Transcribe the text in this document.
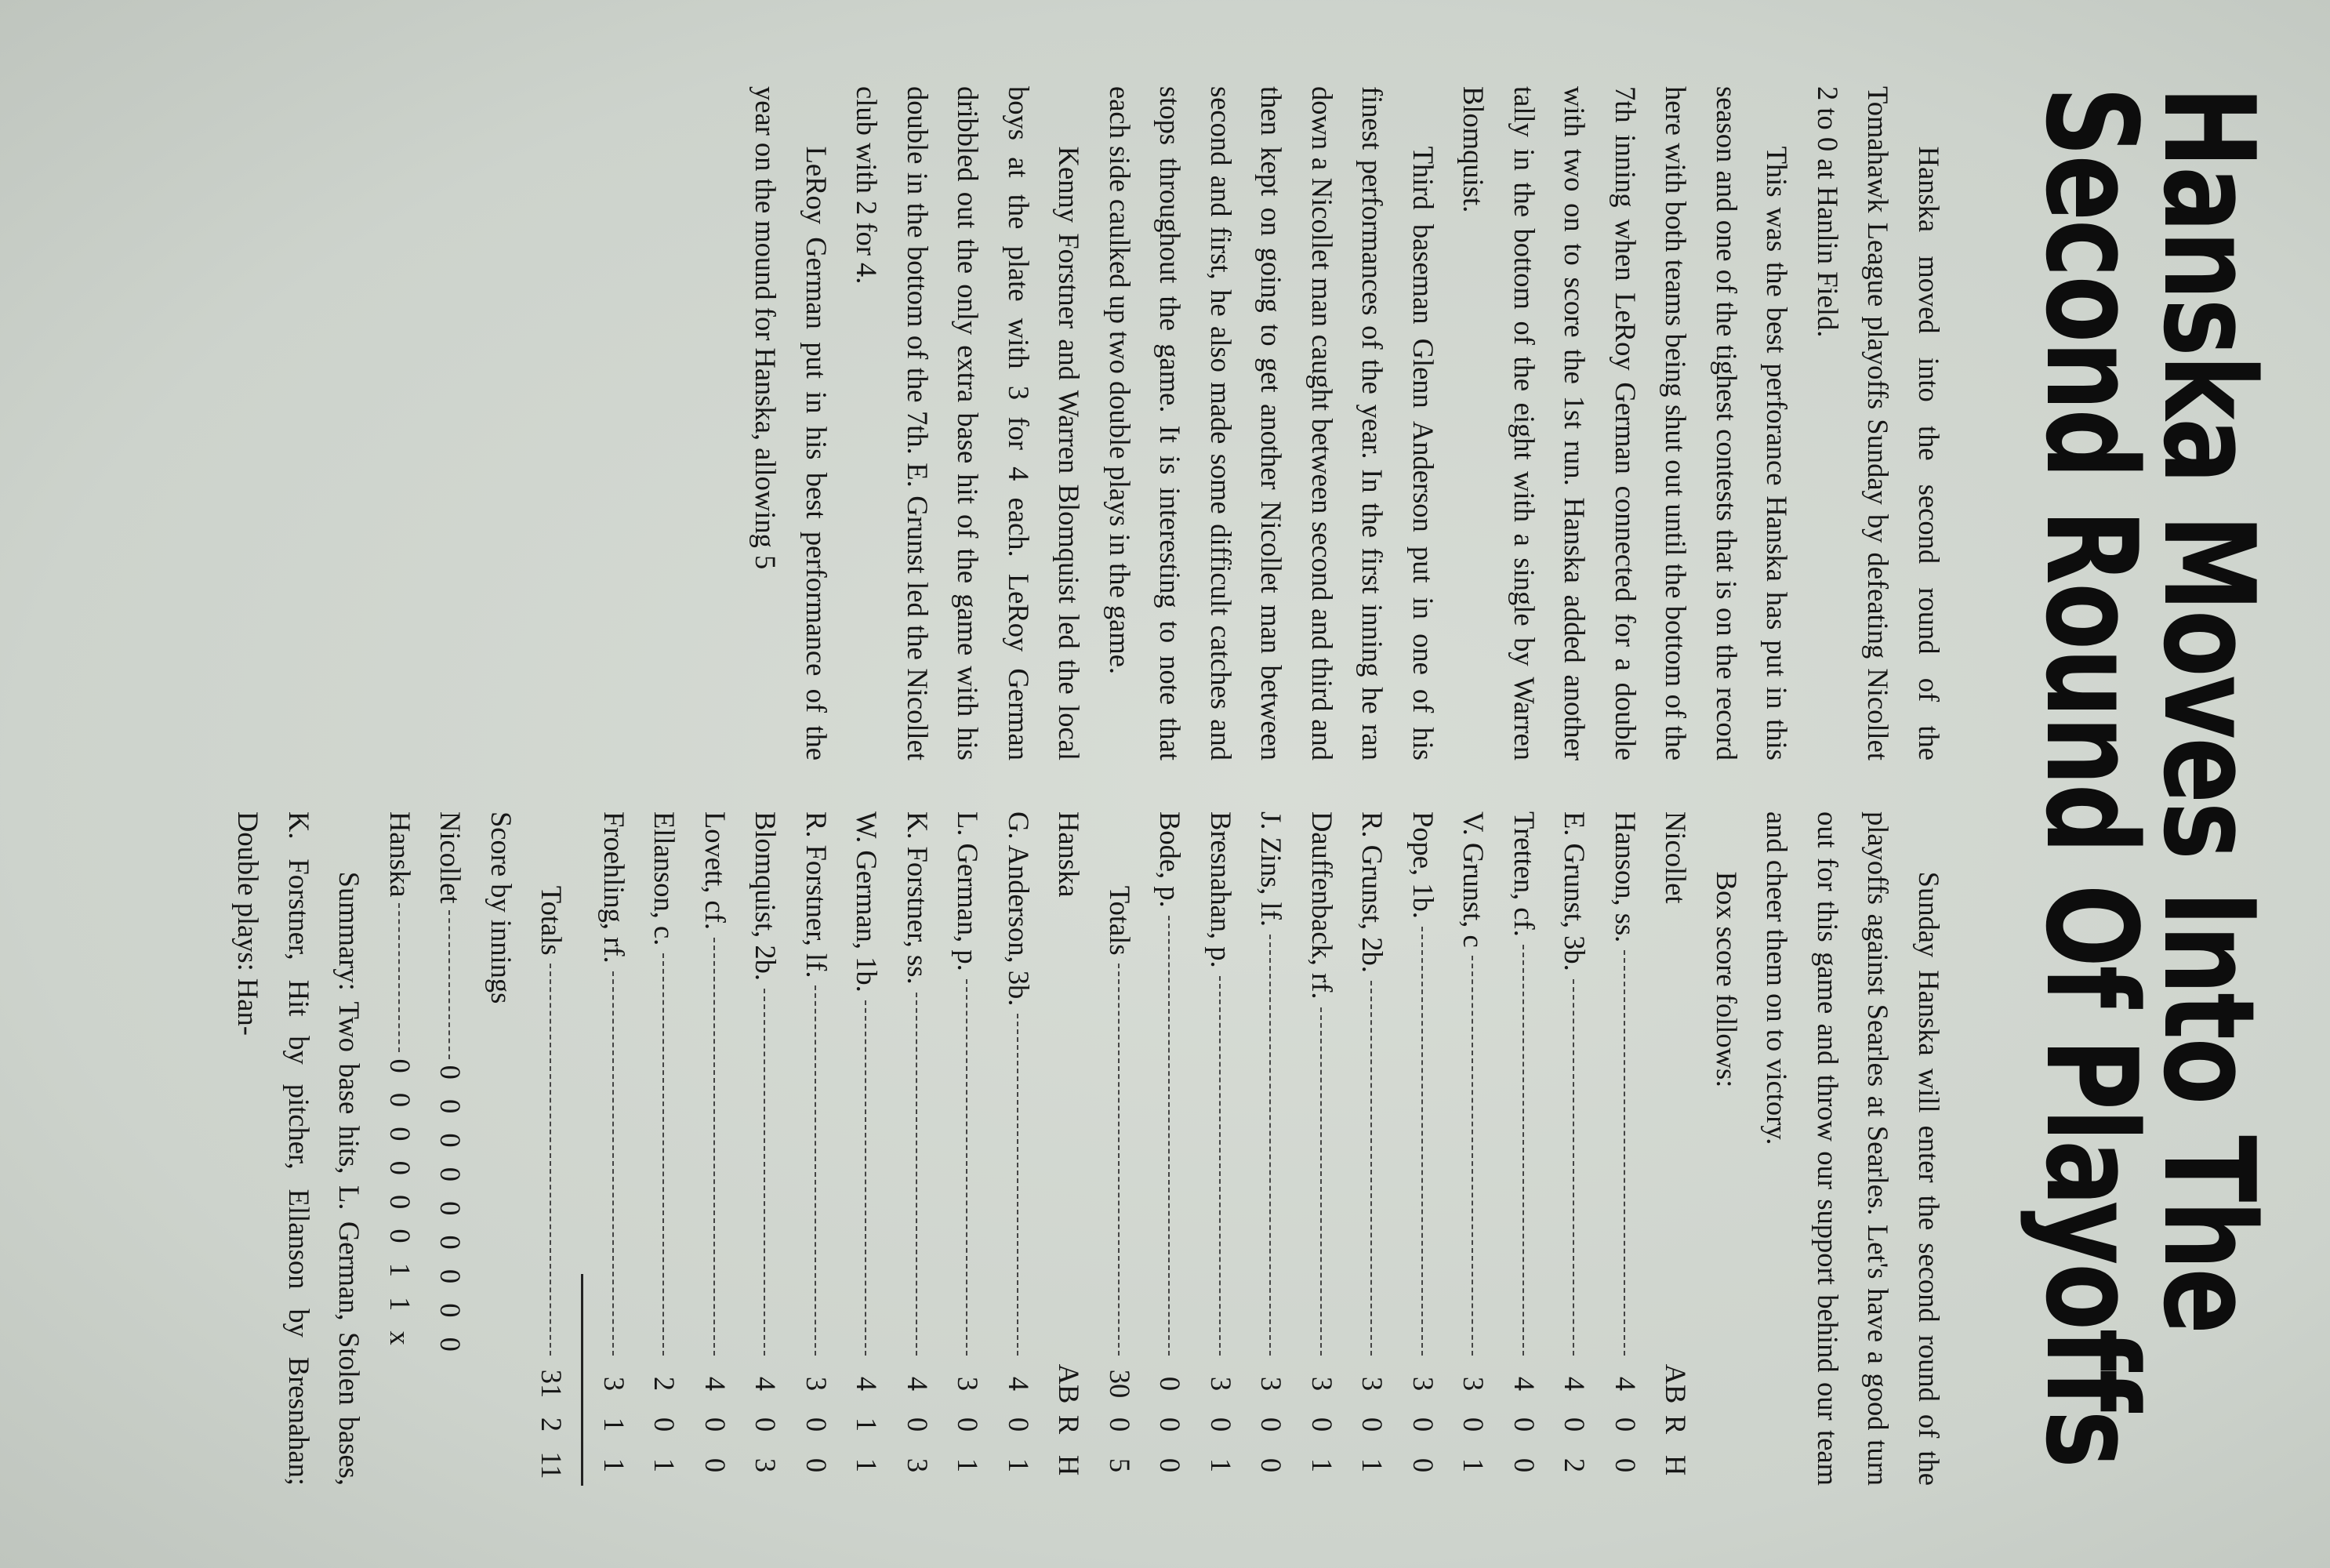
Hanska Moves Into The
Second Round Of Playoffs

Hanska moved into the second round of the Tomahawk League playoffs Sunday by defeating Nicollet 2 to 0 at Hanlin Field.

This was the best perforance Hanska has put in this season and one of the tighest contests that is on the record here with both teams being shut out until the bottom of the 7th inning when LeRoy German connected for a double with two on to score the 1st run. Hanska added another tally in the bottom of the eight with a single by Warren Blomquist.

Third baseman Glenn Anderson put in one of his finest performances of the year. In the first inning he ran down a Nicollet man caught between second and third and then kept on going to get another Nicollet man between second and first, he also made some difficult catches and stops throughout the game. It is interesting to note that each side caulked up two double plays in the game.

Kenny Forstner and Warren Blomquist led the local boys at the plate with 3 for 4 each. LeRoy German dribbled out the only extra base hit of the game with his double in the bottom of the 7th. E. Grunst led the Nicollet club with 2 for 4.

LeRoy German put in his best performance of the year on the mound for Hanska, allowing 5

Sunday Hanska will enter the second round of the playoffs against Searles at Searles. Let's have a good turn out for this game and throw our support behind our team and cheer them on to victory.

Box score follows:

Nicollet
ABRH
Hanson, ss.
400
E. Grunst, 3b.
402
Tretten, cf.
400
V. Grunst, c
301
Pope, 1b.
300
R. Grunst, 2b.
301
Dauffenback, rf.
301
J. Zins, lf.
300
Bresnahan, p.
301
Bode, p.
000
Totals
3005
Hanska
ABRH
G. Anderson, 3b.
401
L. German, p.
301
K. Forstner, ss.
403
W. German, 1b.
411
R. Forstner, lf.
300
Blomquist, 2b.
403
Lovett, cf.
400
Ellanson, c.
201
Froehling, rf.
311
Totals
31211

Score by innings

Nicollet
0 0 0 0 0 0 0 0 0
Hanska
0 0 0 0 0 0 1 1 x

Summary: Two base hits, L. German, Stolen bases, K. Forstner, Hit by pitcher, Ellanson by Bresnahan; Double plays: Han-
